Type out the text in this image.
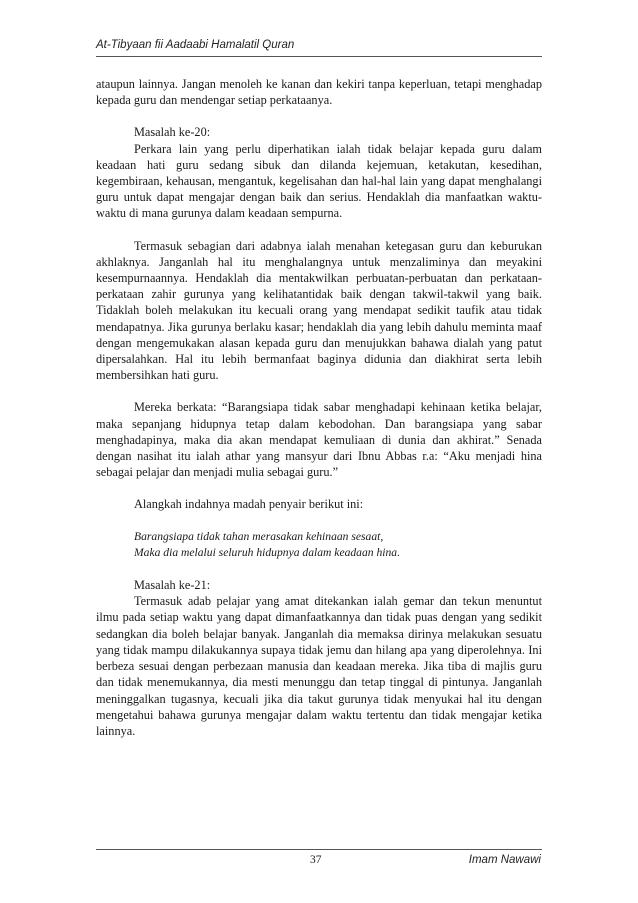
At-Tibyaan fii Aadaabi Hamalatil Quran

ataupun lainnya. Jangan menoleh ke kanan dan kekiri tanpa keperluan, tetapi menghadap kepada guru dan mendengar setiap perkataanya.

Masalah ke-20:

Perkara lain yang perlu diperhatikan ialah tidak belajar kepada guru dalam keadaan hati guru sedang sibuk dan dilanda kejemuan, ketakutan, kesedihan, kegembiraan, kehausan, mengantuk, kegelisahan dan hal-hal lain yang dapat menghalangi guru untuk dapat mengajar dengan baik dan serius. Hendaklah dia manfaatkan waktu-waktu di mana gurunya dalam keadaan sempurna.

Termasuk sebagian dari adabnya ialah menahan ketegasan guru dan keburukan akhlaknya. Janganlah hal itu menghalangnya untuk menzaliminya dan meyakini kesempurnaannya. Hendaklah dia mentakwilkan perbuatan-perbuatan dan perkataan-perkataan zahir gurunya yang kelihatantidak baik dengan takwil-takwil yang baik. Tidaklah boleh melakukan itu kecuali orang yang mendapat sedikit taufik atau tidak mendapatnya. Jika gurunya berlaku kasar; hendaklah dia yang lebih dahulu meminta maaf dengan mengemukakan alasan kepada guru dan menujukkan bahawa dialah yang patut dipersalahkan. Hal itu lebih bermanfaat baginya didunia dan diakhirat serta lebih membersihkan hati guru.

Mereka berkata: “Barangsiapa tidak sabar menghadapi kehinaan ketika belajar, maka sepanjang hidupnya tetap dalam kebodohan. Dan barangsiapa yang sabar menghadapinya, maka dia akan mendapat kemuliaan di dunia dan akhirat.” Senada dengan nasihat itu ialah athar yang mansyur dari Ibnu Abbas r.a: “Aku menjadi hina sebagai pelajar dan menjadi mulia sebagai guru.”

Alangkah indahnya madah penyair berikut ini:

Barangsiapa tidak tahan merasakan kehinaan sesaat,
Maka dia melalui seluruh hidupnya dalam keadaan hina.

Masalah ke-21:

Termasuk adab pelajar yang amat ditekankan ialah gemar dan tekun menuntut ilmu pada setiap waktu yang dapat dimanfaatkannya dan tidak puas dengan yang sedikit sedangkan dia boleh belajar banyak. Janganlah dia memaksa dirinya melakukan sesuatu yang tidak mampu dilakukannya supaya tidak jemu dan hilang apa yang diperolehnya. Ini berbeza sesuai dengan perbezaan manusia dan keadaan mereka. Jika tiba di majlis guru dan tidak menemukannya, dia mesti menunggu dan tetap tinggal di pintunya. Janganlah meninggalkan tugasnya, kecuali jika dia takut gurunya tidak menyukai hal itu dengan mengetahui bahawa gurunya mengajar dalam waktu tertentu dan tidak mengajar ketika lainnya.

37	Imam Nawawi
